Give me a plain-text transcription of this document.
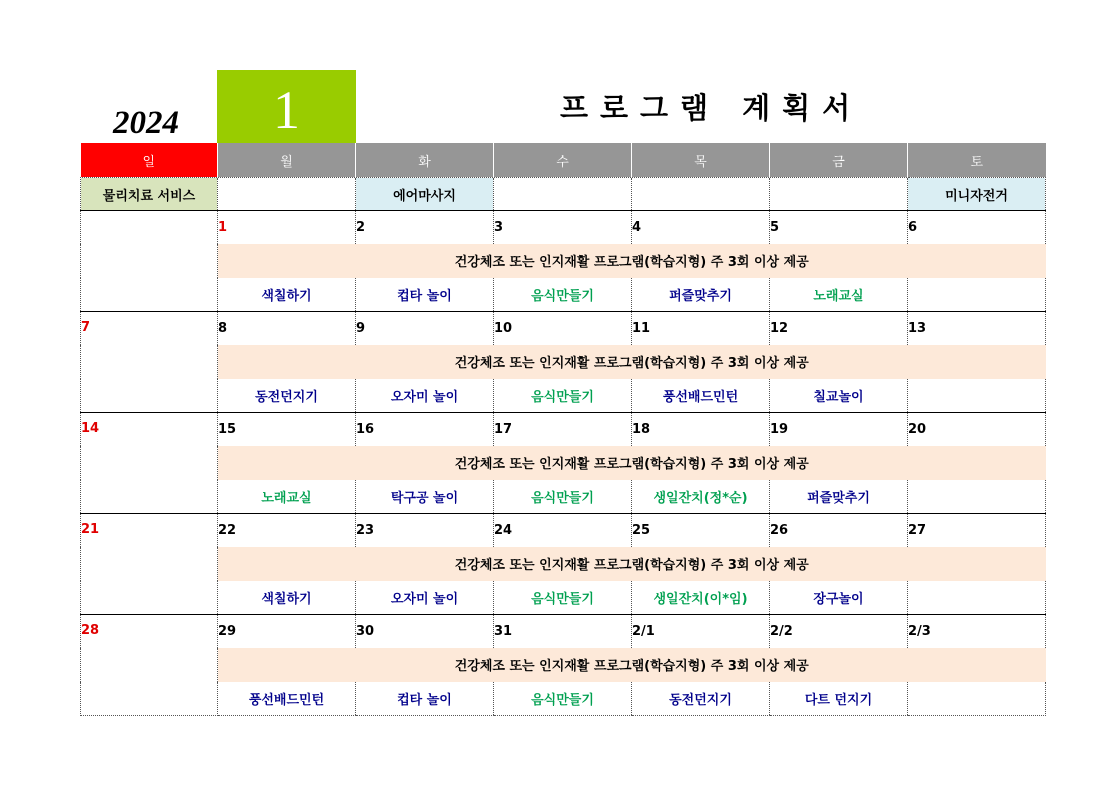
2024	1	프로그램 계획서
일	월	화	수	목	금	토
물리치료 서비스		에어마사지				미니자전거
	1	2	3	4	5	6
	건강체조 또는 인지재활 프로그램(학습지형) 주 3회 이상 제공					
	색칠하기	컵타 놀이	음식만들기	퍼즐맞추기	노래교실	
7	8	9	10	11	12	13
	건강체조 또는 인지재활 프로그램(학습지형) 주 3회 이상 제공					
	동전던지기	오자미 놀이	음식만들기	풍선배드민턴	칠교놀이	
14	15	16	17	18	19	20
	건강체조 또는 인지재활 프로그램(학습지형) 주 3회 이상 제공					
	노래교실	탁구공 놀이	음식만들기	생일잔치(정*순)	퍼즐맞추기	
21	22	23	24	25	26	27
	건강체조 또는 인지재활 프로그램(학습지형) 주 3회 이상 제공					
	색칠하기	오자미 놀이	음식만들기	생일잔치(이*임)	장구놀이	
28	29	30	31	2/1	2/2	2/3
	건강체조 또는 인지재활 프로그램(학습지형) 주 3회 이상 제공					
	풍선배드민턴	컵타 놀이	음식만들기	동전던지기	다트 던지기	
